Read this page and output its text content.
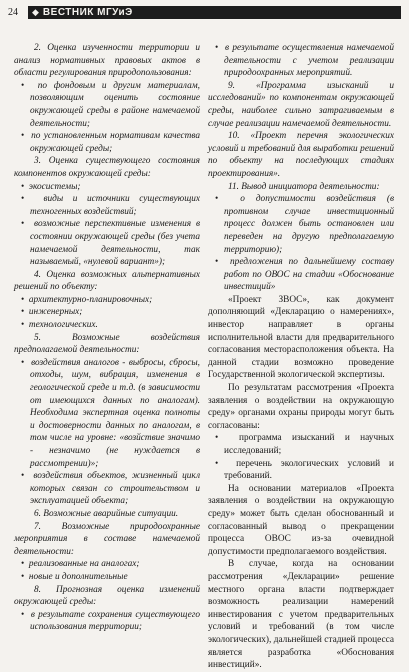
24	◆ ВЕСТНИК МГУиЭ

2. Оценка изученности территории и анализ нормативных правовых актов в области регулирования природопользования:

•  по фондовым и другим материалам, позволяющим оценить состояние окружающей среды в районе намечаемой деятельности;

•  по установленным нормативам качества окружающей среды;

3. Оценка существующего состояния компонентов окружающей среды:

•  экосистемы;

•  виды и источники существующих техногенных воздействий;

•  возможные перспективные изменения в состоянии окружающей среды (без учета намечаемой деятельности, так называемый, «нулевой вариант»);

4. Оценка возможных альтернативных решений по объекту:

•  архитектурно-планировочных;

•  инженерных;

•  технологических.

5. Возможные воздействия предполагаемой деятельности:

•  воздействия аналогов - выбросы, сбросы, отходы, шум, вибрация, изменения в геологической среде и т.д. (в зависимости от имеющихся данных по аналогам). Необходима экспертная оценка полноты и достоверности данных по аналогам, в том числе на уровне: «возйствие значимо - незначимо (не нуждается в рассмотрении)»;

•  воздействия объектов, жизненный цикл которых связан со строительством и эксплуатацией объекта;

6. Возможные аварийные ситуации.

7. Возможные природоохранные мероприятия в составе намечаемой деятельности:

•  реализованные на аналогах;

•  новые и дополнительные

8. Прогнозная оценка изменений окружающей среды:

•  в результате сохранения существующего использования территории;

•  в результате осуществления намечаемой деятельности с учетом реализации природоохранных мероприятий.

9. «Программа изысканий и исследований» по компонентам окружающей среды, наиболее сильно затрагиваемым в случае реализации намечаемой деятельности.

10. «Проект перечня экологических условий и требований для выработки решений по объекту на последующих стадиях проектирования».

11. Вывод инициатора деятельности:

•  о допустимости воздействия (в противном случае инвестиционный процесс должен быть остановлен или переведен на другую предполагаемую территорию);

•  предложения по дальнейшему составу работ по ОВОС на стадии «Обоснование инвестиций»

«Проект ЗВОС», как документ дополняющий «Декларацию о намерениях», инвестор направляет в органы исполнительной власти для предварительного согласования месторасположения объекта. На данной стадии возможно проведение Государственной экологической экспертизы.

По результатам рассмотрения «Проекта заявления о воздействии на окружающую среду» органами охраны природы могут быть согласованы:

•  программа изысканий и научных исследований;

•  перечень экологических условий и требований.

На основании материалов «Проекта заявления о воздействии на окружающую среду» может быть сделан обоснованный и согласованный вывод о прекращении процесса ОВОС из-за очевидной допустимости предполагаемого воздействия.

В случае, когда на основании рассмотрения «Декларации» решение местного органа власти подтверждает возможность реализации намерений инвестирования с учетом предварительных условий и требований (в том числе экологических), дальнейшей стадией процесса является разработка «Обоснования инвестиций».
